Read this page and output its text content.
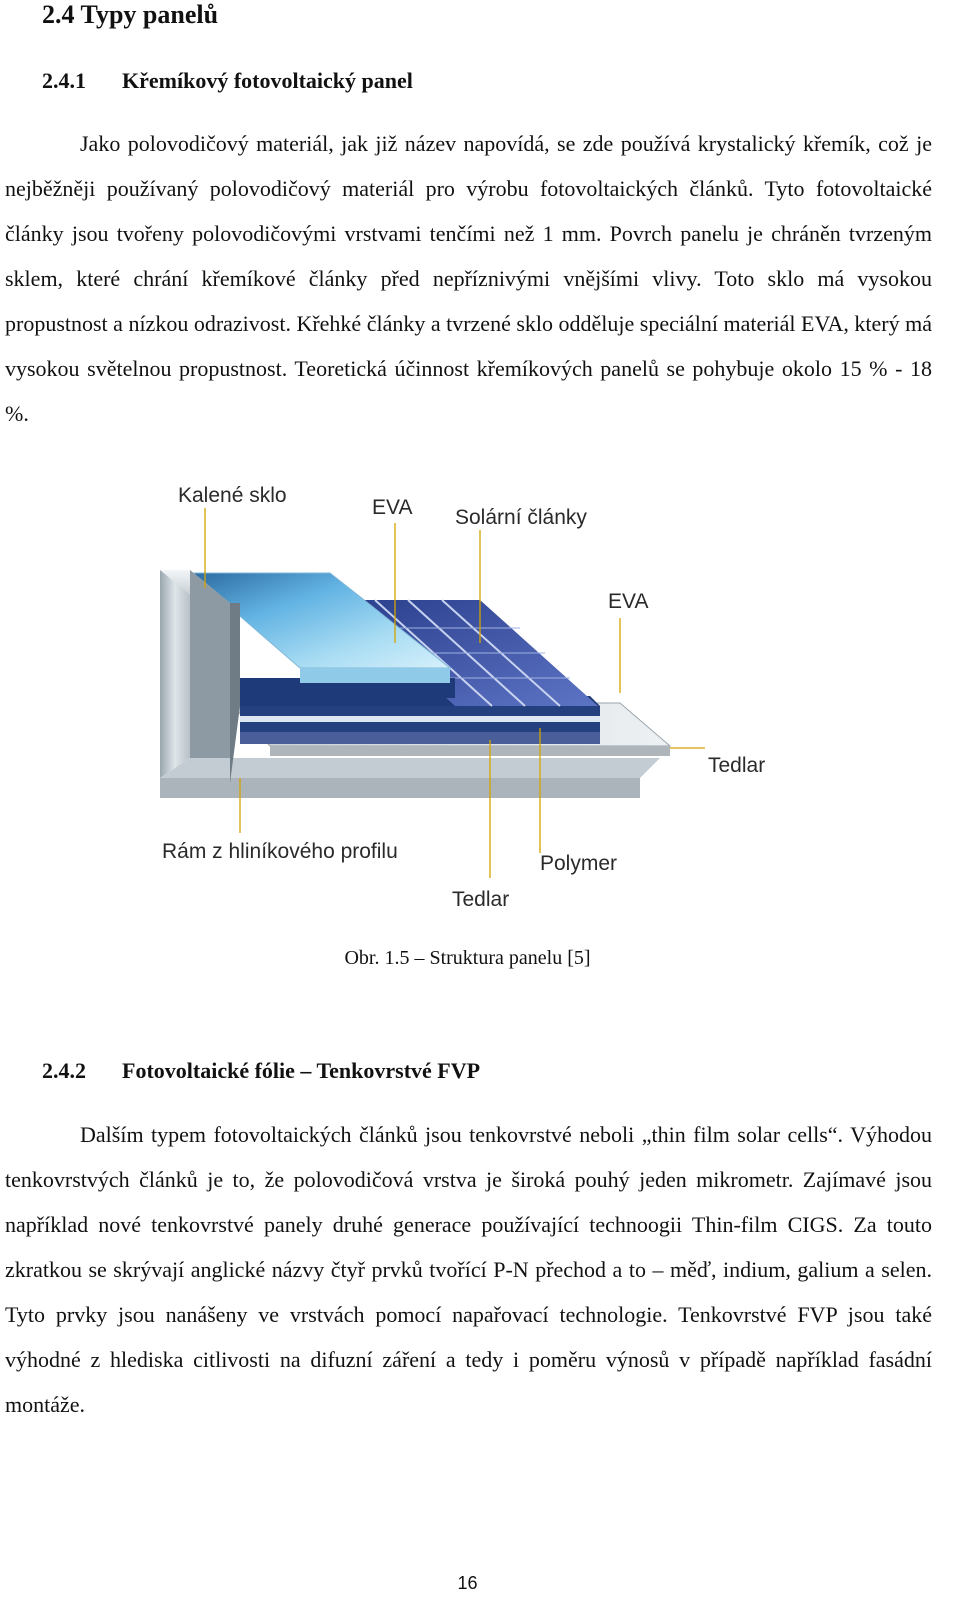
2.4 Typy panelů
2.4.1 Křemíkový fotovoltaický panel
Jako polovodičový materiál, jak již název napovídá, se zde používá krystalický křemík, což je nejběžněji používaný polovodičový materiál pro výrobu fotovoltaických článků. Tyto fotovoltaické články jsou tvořeny polovodičovými vrstvami tenčími než 1 mm. Povrch panelu je chráněn tvrzeným sklem, které chrání křemíkové články před nepříznivými vnějšími vlivy. Toto sklo má vysokou propustnost a nízkou odrazivost. Křehké články a tvrzené sklo odděluje speciální materiál EVA, který má vysokou světelnou propustnost. Teoretická účinnost křemíkových panelů se pohybuje okolo 15 % - 18 %.
Kalené sklo
EVA Solární články
EVA
Tedlar
Rám z hliníkového profilu
Polymer
Tedlar
Obr. 1.5 – Struktura panelu [5]
2.4.2 Fotovoltaické fólie – Tenkovrstvé FVP
Dalším typem fotovoltaických článků jsou tenkovrstvé neboli „thin film solar cells“. Výhodou tenkovrstvých článků je to, že polovodičová vrstva je široká pouhý jeden mikrometr. Zajímavé jsou například nové tenkovrstvé panely druhé generace používající technoogii Thin-film CIGS. Za touto zkratkou se skrývají anglické názvy čtyř prvků tvořící P-N přechod a to – měď, indium, galium a selen. Tyto prvky jsou nanášeny ve vrstvách pomocí napařovací technologie. Tenkovrstvé FVP jsou také výhodné z hlediska citlivosti na difuzní záření a tedy i poměru výnosů v případě například fasádní montáže.
16
